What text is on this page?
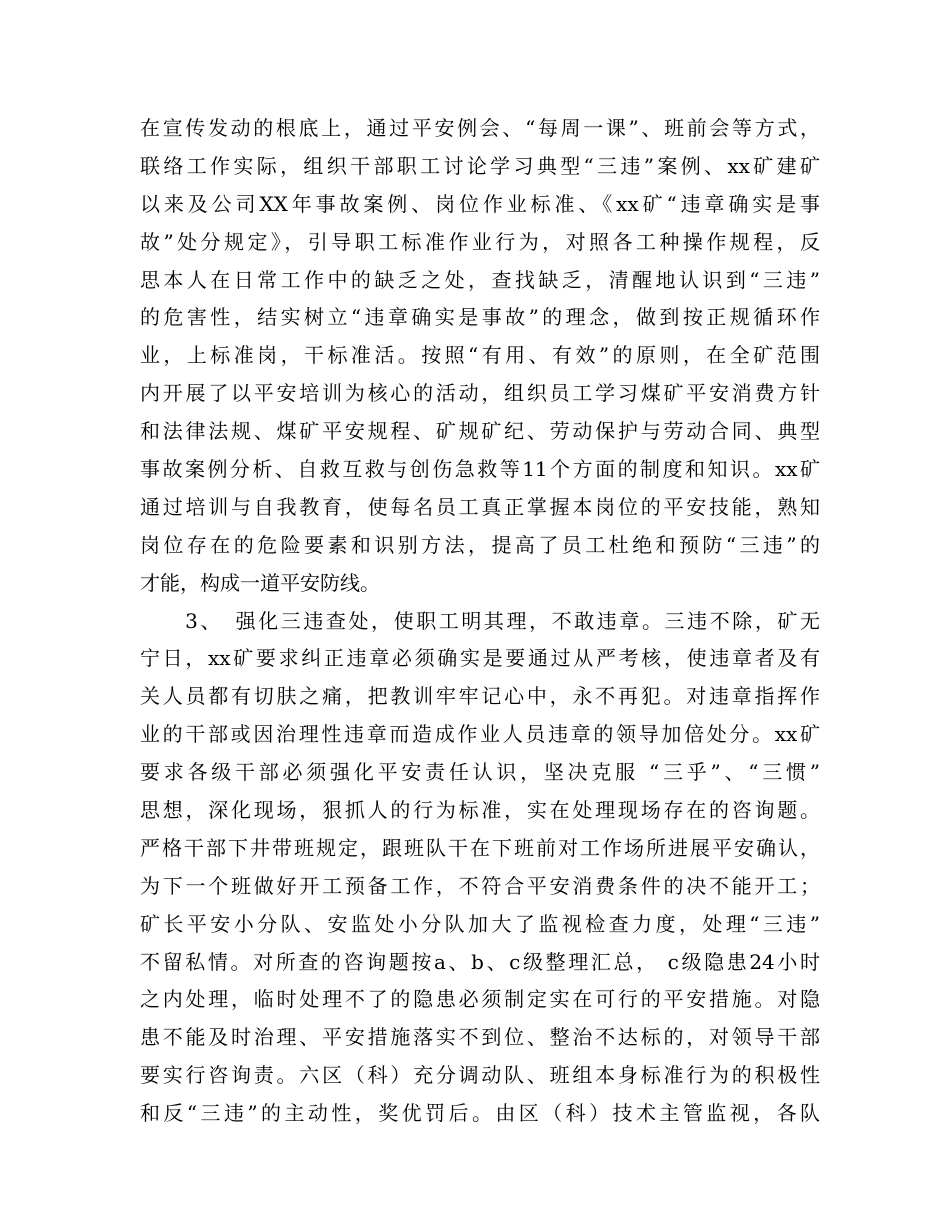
在宣传发动的根底上，通过平安例会、“每周一课”、班前会等方式，
联络工作实际，组织干部职工讨论学习典型“三违”案例、xx矿建矿
以来及公司XX年事故案例、岗位作业标准、《xx矿“违章确实是事
故”处分规定》，引导职工标准作业行为，对照各工种操作规程，反
思本人在日常工作中的缺乏之处，查找缺乏，清醒地认识到“三违”
的危害性，结实树立“违章确实是事故”的理念，做到按正规循环作
业，上标准岗，干标准活。按照“有用、有效”的原则，在全矿范围
内开展了以平安培训为核心的活动，组织员工学习煤矿平安消费方针
和法律法规、煤矿平安规程、矿规矿纪、劳动保护与劳动合同、典型
事故案例分析、自救互救与创伤急救等11个方面的制度和知识。xx矿
通过培训与自我教育，使每名员工真正掌握本岗位的平安技能，熟知
岗位存在的危险要素和识别方法，提高了员工杜绝和预防“三违”的
才能，构成一道平安防线。
　　3、　强化三违查处，使职工明其理，不敢违章。三违不除，矿无
宁日，xx矿要求纠正违章必须确实是要通过从严考核，使违章者及有
关人员都有切肤之痛，把教训牢牢记心中，永不再犯。对违章指挥作
业的干部或因治理性违章而造成作业人员违章的领导加倍处分。xx矿
要求各级干部必须强化平安责任认识，坚决克服 “三乎”、“三惯”
思想，深化现场，狠抓人的行为标准，实在处理现场存在的咨询题。
严格干部下井带班规定，跟班队干在下班前对工作场所进展平安确认，
为下一个班做好开工预备工作，不符合平安消费条件的决不能开工；
矿长平安小分队、安监处小分队加大了监视检查力度，处理“三违”
不留私情。对所查的咨询题按a、b、c级整理汇总， c级隐患24小时
之内处理，临时处理不了的隐患必须制定实在可行的平安措施。对隐
患不能及时治理、平安措施落实不到位、整治不达标的，对领导干部
要实行咨询责。六区（科）充分调动队、班组本身标准行为的积极性
和反“三违”的主动性，奖优罚后。由区（科）技术主管监视，各队
